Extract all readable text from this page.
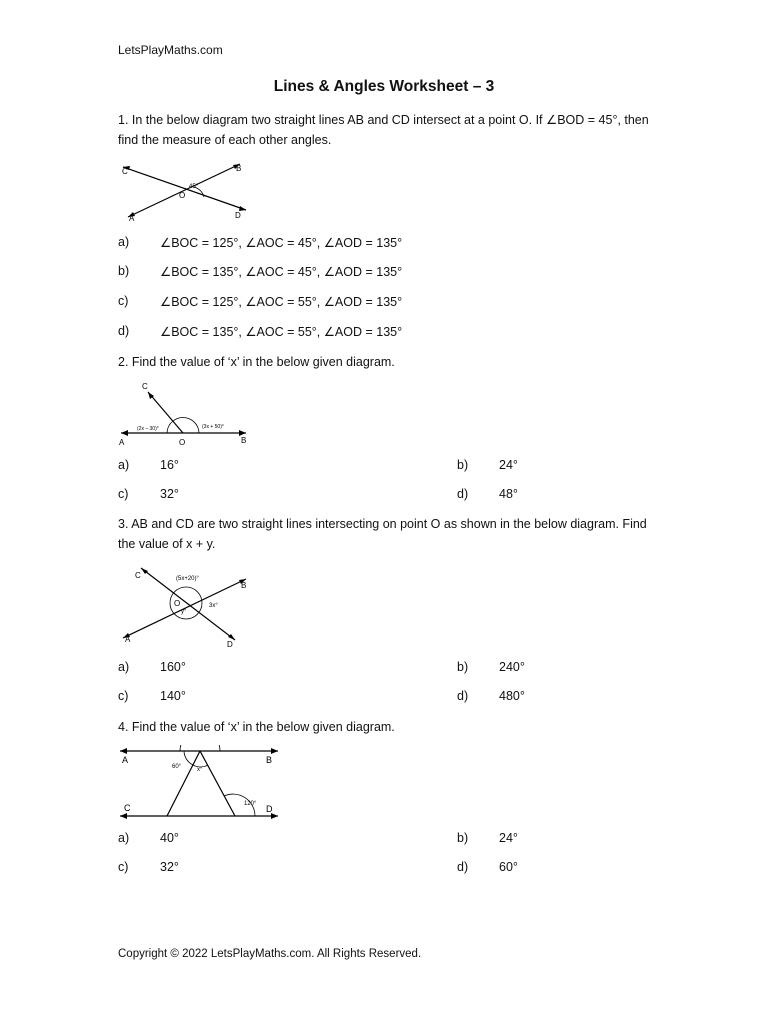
LetsPlayMaths.com
Lines & Angles Worksheet – 3
1. In the below diagram two straight lines AB and CD intersect at a point O. If ∠BOD = 45°, then find the measure of each other angles.
C	B
O
A	D
45°
a) ∠BOC = 125°, ∠AOC = 45°, ∠AOD = 135°
b) ∠BOC = 135°, ∠AOC = 45°, ∠AOD = 135°
c)	∠BOC = 125°, ∠AOC = 55°, ∠AOD = 135°
d) ∠BOC = 135°, ∠AOC = 55°, ∠AOD = 135°
2. Find the value of ‘x’ in the below given diagram.
C
A	O	B
(2x – 30)°	(3x + 50)°
a) 16°	b) 24°
c)	32°	d) 48°
3. AB and CD are two straight lines intersecting on point O as shown in the below diagram. Find the value of x + y.
C
B
O
A
D
(5x+20)°
3x°
y°
a) 160°	b) 240°
c)	140°	d) 480°
4. Find the value of ‘x’ in the below given diagram.
A	B
C	D
60°	x°
120°
a) 40°	b) 24°
c)	32°	d) 60°
Copyright © 2022 LetsPlayMaths.com. All Rights Reserved.
